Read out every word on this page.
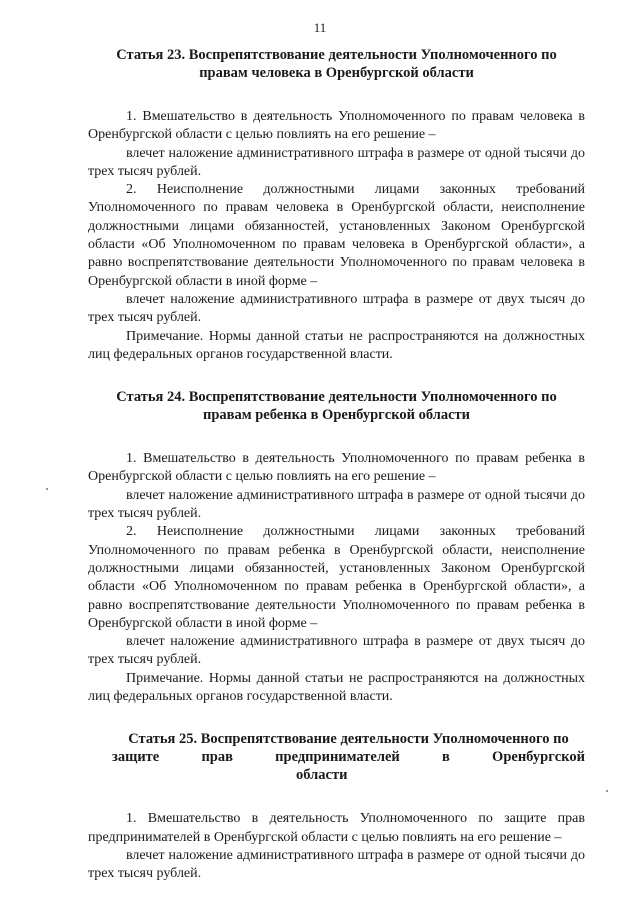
11
Статья 23. Воспрепятствование деятельности Уполномоченного по
правам человека в Оренбургской области

1. Вмешательство в деятельность Уполномоченного по правам человека в Оренбургской области с целью повлиять на его решение –

влечет наложение административного штрафа в размере от одной тысячи до трех тысяч рублей.

2. Неисполнение должностными лицами законных требований Уполномоченного по правам человека в Оренбургской области, неисполнение должностными лицами обязанностей, установленных Законом Оренбургской области «Об Уполномоченном по правам человека в Оренбургской области», а равно воспрепятствование деятельности Уполномоченного по правам человека в Оренбургской области в иной форме –

влечет наложение административного штрафа в размере от двух тысяч до трех тысяч рублей.

Примечание. Нормы данной статьи не распространяются на должностных лиц федеральных органов государственной власти.

Статья 24. Воспрепятствование деятельности Уполномоченного по
правам ребенка в Оренбургской области

1. Вмешательство в деятельность Уполномоченного по правам ребенка в Оренбургской области с целью повлиять на его решение –

влечет наложение административного штрафа в размере от одной тысячи до трех тысяч рублей.

2. Неисполнение должностными лицами законных требований Уполномоченного по правам ребенка в Оренбургской области, неисполнение должностными лицами обязанностей, установленных Законом Оренбургской области «Об Уполномоченном по правам ребенка в Оренбургской области», а равно воспрепятствование деятельности Уполномоченного по правам ребенка в Оренбургской области в иной форме –

влечет наложение административного штрафа в размере от двух тысяч до трех тысяч рублей.

Примечание. Нормы данной статьи не распространяются на должностных лиц федеральных органов государственной власти.

Статья 25. Воспрепятствование деятельности Уполномоченного по
защите прав предпринимателей в Оренбургской
области

1. Вмешательство в деятельность Уполномоченного по защите прав предпринимателей в Оренбургской области с целью повлиять на его решение –

влечет наложение административного штрафа в размере от одной тысячи до трех тысяч рублей.
